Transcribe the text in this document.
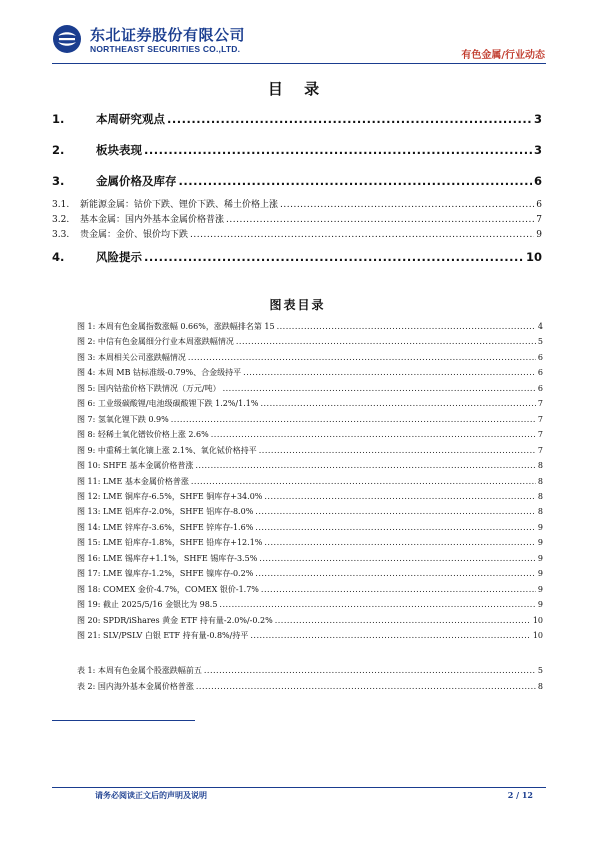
东北证券股份有限公司
NORTHEAST SECURITIES CO.,LTD.
有色金属/行业动态
目 录
1.	本周研究观点 .....	3
2.	板块表现 .....	3
3.	金属价格及库存 .....	6
3.1.	新能源金属：钴价下跌、锂价下跌、稀土价格上涨 .....	6
3.2.	基本金属：国内外基本金属价格普涨 .....	7
3.3.	贵金属：金价、银价均下跌 .....	9
4.	风险提示 .....	10
图表目录
图 1: 本周有色金属指数涨幅 0.66%，涨跌幅排名第 15 .....	4
图 2: 中信有色金属细分行业本周涨跌幅情况 .....	5
图 3: 本周相关公司涨跌幅情况 .....	6
图 4: 本周 MB 钴标准级-0.79%、合金级持平 .....	6
图 5: 国内钴盐价格下跌情况（万元/吨） .....	6
图 6: 工业级碳酸锂/电池级碳酸锂下跌 1.2%/1.1% .....	7
图 7: 氢氧化锂下跌 0.9% .....	7
图 8: 轻稀土氧化镨钕价格上涨 2.6% .....	7
图 9: 中重稀土氧化镝上涨 2.1%、氧化铽价格持平 .....	7
图 10: SHFE 基本金属价格普涨 .....	8
图 11: LME 基本金属价格普涨 .....	8
图 12: LME 铜库存-6.5%，SHFE 铜库存+34.0% .....	8
图 13: LME 铝库存-2.0%，SHFE 铝库存-8.0% .....	8
图 14: LME 锌库存-3.6%，SHFE 锌库存-1.6% .....	9
图 15: LME 铅库存-1.8%，SHFE 铅库存+12.1% .....	9
图 16: LME 锡库存+1.1%，SHFE 锡库存-3.5% .....	9
图 17: LME 镍库存-1.2%，SHFE 镍库存-0.2% .....	9
图 18: COMEX 金价-4.7%，COMEX 银价-1.7% .....	9
图 19: 截止 2025/5/16 金银比为 98.5 .....	9
图 20: SPDR/iShares 黄金 ETF 持有量-2.0%/-0.2% .....	10
图 21: SLV/PSLV 白银 ETF 持有量-0.8%/持平 .....	10
表 1: 本周有色金属个股涨跌幅前五 .....	5
表 2: 国内海外基本金属价格普涨 .....	8
请务必阅读正文后的声明及说明	2 / 12
